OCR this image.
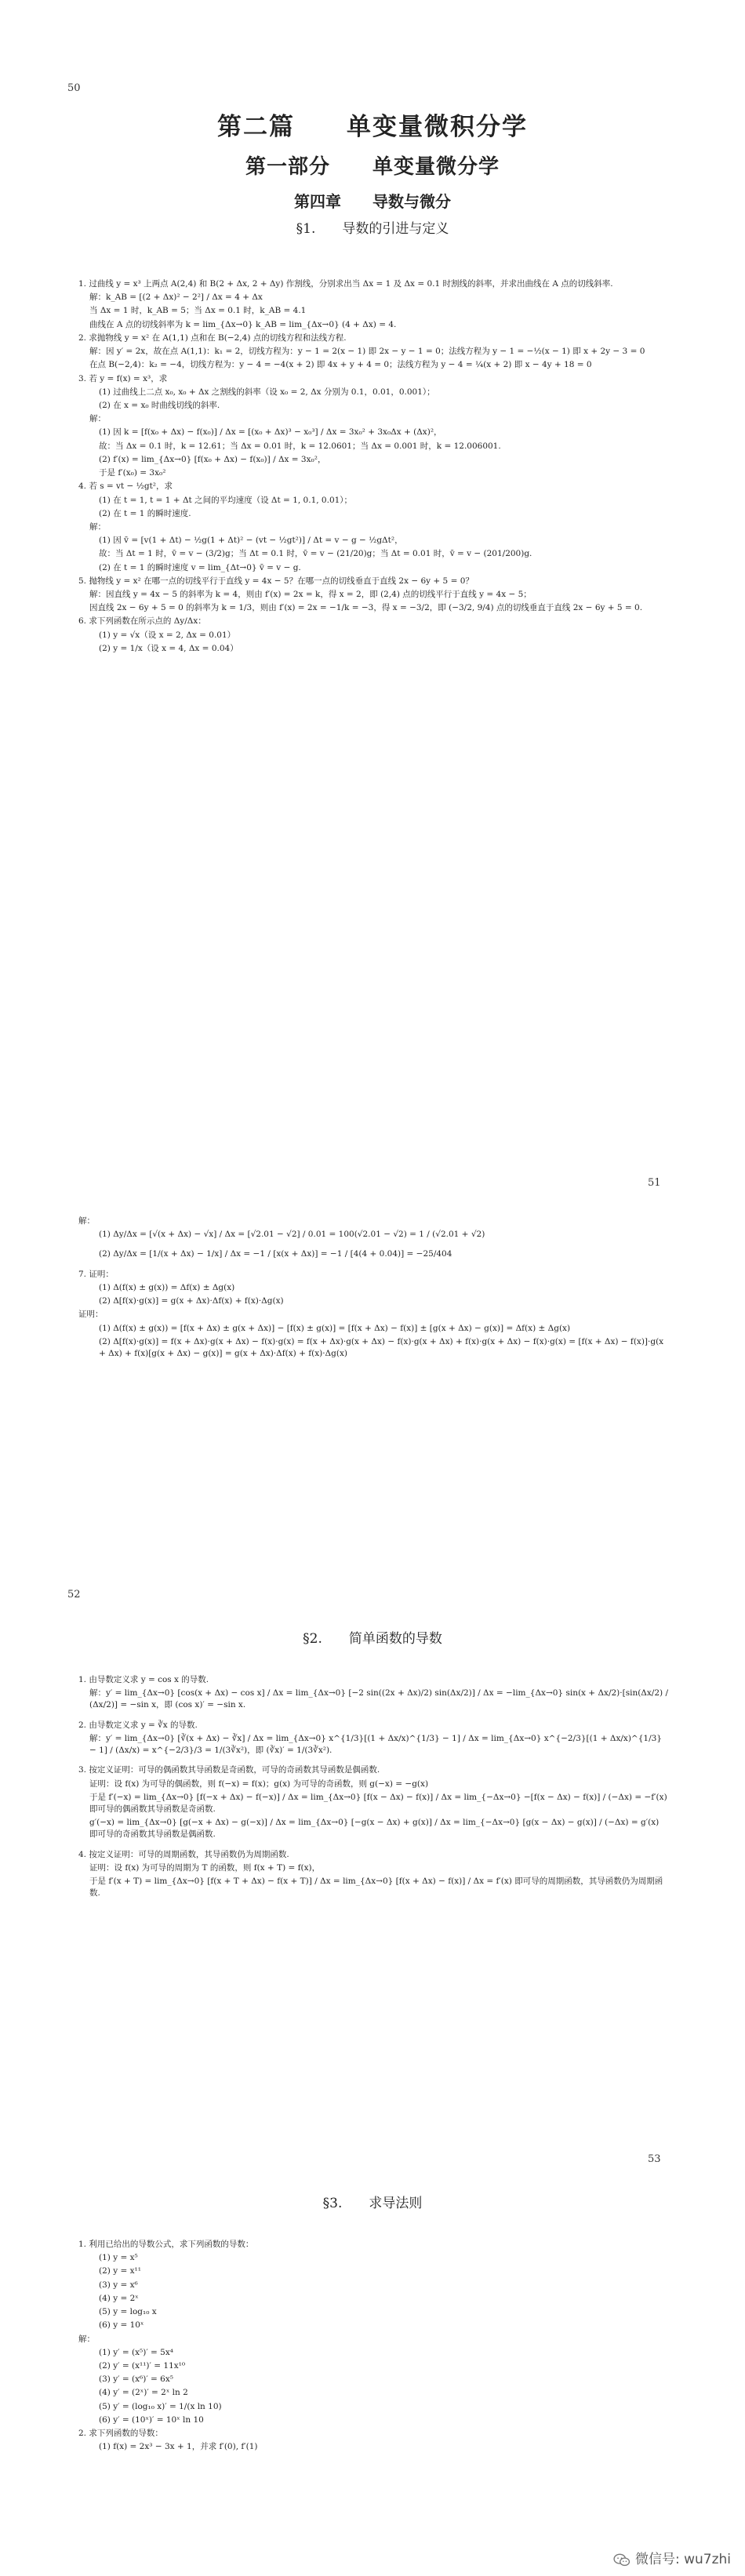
50
第二篇　　单变量微积分学
第一部分　　单变量微分学
第四章　　导数与微分
§1.　　导数的引进与定义

1. 过曲线 y = x³ 上两点 A(2,4) 和 B(2 + Δx, 2 + Δy) 作割线，分别求出当 Δx = 1 及 Δx = 0.1 时割线的斜率，并求出曲线在 A 点的切线斜率.

解：k_AB = [(2 + Δx)² − 2²] / Δx = 4 + Δx

当 Δx = 1 时，k_AB = 5；当 Δx = 0.1 时，k_AB = 4.1

曲线在 A 点的切线斜率为 k = lim_{Δx→0} k_AB = lim_{Δx→0} (4 + Δx) = 4.

2. 求抛物线 y = x² 在 A(1,1) 点和在 B(−2,4) 点的切线方程和法线方程.

解：因 y′ = 2x，故在点 A(1,1)：k₁ = 2，切线方程为：y − 1 = 2(x − 1) 即 2x − y − 1 = 0；法线方程为 y − 1 = −½(x − 1) 即 x + 2y − 3 = 0

在点 B(−2,4)：k₂ = −4，切线方程为：y − 4 = −4(x + 2) 即 4x + y + 4 = 0；法线方程为 y − 4 = ¼(x + 2) 即 x − 4y + 18 = 0

3. 若 y = f(x) = x³，求

(1) 过曲线上二点 x₀, x₀ + Δx 之割线的斜率（设 x₀ = 2, Δx 分别为 0.1，0.01，0.001）；

(2) 在 x = x₀ 时曲线切线的斜率.

解：

(1) 因 k = [f(x₀ + Δx) − f(x₀)] / Δx = [(x₀ + Δx)³ − x₀³] / Δx = 3x₀² + 3x₀Δx + (Δx)²，

故：当 Δx = 0.1 时，k = 12.61；当 Δx = 0.01 时，k = 12.0601；当 Δx = 0.001 时，k = 12.006001.

(2) f′(x) = lim_{Δx→0} [f(x₀ + Δx) − f(x₀)] / Δx = 3x₀²，

于是 f′(x₀) = 3x₀²

4. 若 s = vt − ½gt²，求

(1) 在 t = 1, t = 1 + Δt 之间的平均速度（设 Δt = 1, 0.1, 0.01）；

(2) 在 t = 1 的瞬时速度.

解：

(1) 因 v̄ = [v(1 + Δt) − ½g(1 + Δt)² − (vt − ½gt²)] / Δt = v − g − ½gΔt²，

故：当 Δt = 1 时，v̄ = v − (3/2)g；当 Δt = 0.1 时，v̄ = v − (21/20)g；当 Δt = 0.01 时，v̄ = v − (201/200)g.

(2) 在 t = 1 的瞬时速度 v = lim_{Δt→0} v̄ = v − g.

5. 抛物线 y = x² 在哪一点的切线平行于直线 y = 4x − 5？在哪一点的切线垂直于直线 2x − 6y + 5 = 0？

解：因直线 y = 4x − 5 的斜率为 k = 4，则由 f′(x) = 2x = k，得 x = 2，即 (2,4) 点的切线平行于直线 y = 4x − 5；

因直线 2x − 6y + 5 = 0 的斜率为 k = 1/3，则由 f′(x) = 2x = −1/k = −3，得 x = −3/2，即 (−3/2, 9/4) 点的切线垂直于直线 2x − 6y + 5 = 0.

6. 求下列函数在所示点的 Δy/Δx：

(1) y = √x（设 x = 2, Δx = 0.01）

(2) y = 1/x（设 x = 4, Δx = 0.04）

51

解：

(1) Δy/Δx = [√(x + Δx) − √x] / Δx = [√2.01 − √2] / 0.01 = 100(√2.01 − √2) = 1 / (√2.01 + √2)

(2) Δy/Δx = [1/(x + Δx) − 1/x] / Δx = −1 / [x(x + Δx)] = −1 / [4(4 + 0.04)] = −25/404

7. 证明：

(1) Δ(f(x) ± g(x)) = Δf(x) ± Δg(x)

(2) Δ[f(x)·g(x)] = g(x + Δx)·Δf(x) + f(x)·Δg(x)

证明：

(1) Δ(f(x) ± g(x)) = [f(x + Δx) ± g(x + Δx)] − [f(x) ± g(x)] = [f(x + Δx) − f(x)] ± [g(x + Δx) − g(x)] = Δf(x) ± Δg(x)

(2) Δ[f(x)·g(x)] = f(x + Δx)·g(x + Δx) − f(x)·g(x) = f(x + Δx)·g(x + Δx) − f(x)·g(x + Δx) + f(x)·g(x + Δx) − f(x)·g(x) = [f(x + Δx) − f(x)]·g(x + Δx) + f(x)[g(x + Δx) − g(x)] = g(x + Δx)·Δf(x) + f(x)·Δg(x)

52
§2.　　简单函数的导数

1. 由导数定义求 y = cos x 的导数.

解：y′ = lim_{Δx→0} [cos(x + Δx) − cos x] / Δx = lim_{Δx→0} [−2 sin((2x + Δx)/2) sin(Δx/2)] / Δx = −lim_{Δx→0} sin(x + Δx/2)·[sin(Δx/2) / (Δx/2)] = −sin x，即 (cos x)′ = −sin x.

2. 由导数定义求 y = ∛x 的导数.

解：y′ = lim_{Δx→0} [∛(x + Δx) − ∛x] / Δx = lim_{Δx→0} x^{1/3}[(1 + Δx/x)^{1/3} − 1] / Δx = lim_{Δx→0} x^{−2/3}[(1 + Δx/x)^{1/3} − 1] / (Δx/x) = x^{−2/3}/3 = 1/(3∛x²)，即 (∛x)′ = 1/(3∛x²).

3. 按定义证明：可导的偶函数其导函数是奇函数，可导的奇函数其导函数是偶函数.

证明：设 f(x) 为可导的偶函数，则 f(−x) = f(x)；g(x) 为可导的奇函数，则 g(−x) = −g(x)

于是 f′(−x) = lim_{Δx→0} [f(−x + Δx) − f(−x)] / Δx = lim_{Δx→0} [f(x − Δx) − f(x)] / Δx = lim_{−Δx→0} −[f(x − Δx) − f(x)] / (−Δx) = −f′(x) 即可导的偶函数其导函数是奇函数.

g′(−x) = lim_{Δx→0} [g(−x + Δx) − g(−x)] / Δx = lim_{Δx→0} [−g(x − Δx) + g(x)] / Δx = lim_{−Δx→0} [g(x − Δx) − g(x)] / (−Δx) = g′(x) 即可导的奇函数其导函数是偶函数.

4. 按定义证明：可导的周期函数，其导函数仍为周期函数.

证明：设 f(x) 为可导的周期为 T 的函数，则 f(x + T) = f(x)，

于是 f′(x + T) = lim_{Δx→0} [f(x + T + Δx) − f(x + T)] / Δx = lim_{Δx→0} [f(x + Δx) − f(x)] / Δx = f′(x) 即可导的周期函数，其导函数仍为周期函数.

53
§3.　　求导法则

1. 利用已给出的导数公式，求下列函数的导数：

(1) y = x⁵

(2) y = x¹¹

(3) y = x⁶

(4) y = 2ˣ

(5) y = log₁₀ x

(6) y = 10ˣ

解：

(1) y′ = (x⁵)′ = 5x⁴

(2) y′ = (x¹¹)′ = 11x¹⁰

(3) y′ = (x⁶)′ = 6x⁵

(4) y′ = (2ˣ)′ = 2ˣ ln 2

(5) y′ = (log₁₀ x)′ = 1/(x ln 10)

(6) y′ = (10ˣ)′ = 10ˣ ln 10

2. 求下列函数的导数：

(1) f(x) = 2x³ − 3x + 1，并求 f′(0), f′(1)

微信号: wu7zhi
